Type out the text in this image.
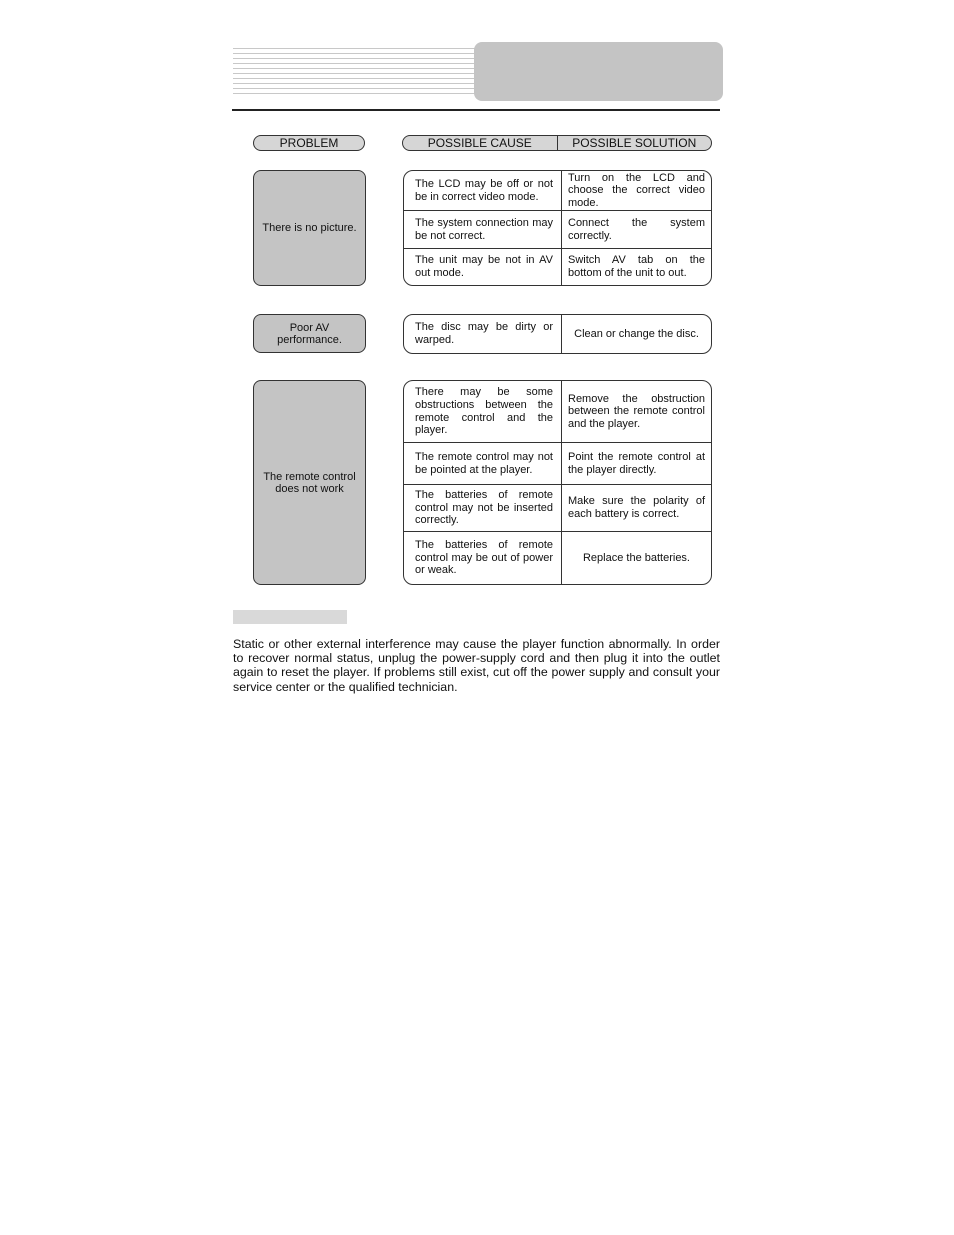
PROBLEM	POSSIBLE CAUSE	POSSIBLE SOLUTION
There is no picture.
The LCD may be off or not be in correct video mode.
Turn on the LCD and choose the correct video mode.
The system connection may be not correct.
Connect the system correctly.
The unit may be not in AV out mode.
Switch AV tab on the bottom of the unit to out.
Poor AV performance.
The disc may be dirty or warped.
Clean or change the disc.
The remote control does not work
There may be some obstructions between the remote control and the player.
Remove the obstruction between the remote control and the player.
The remote control may not be pointed at the player.
Point the remote control at the player directly.
The batteries of remote control may not be inserted correctly.
Make sure the polarity of each battery is correct.
The batteries of remote control may be out of power or weak.
Replace the batteries.

Static or other external interference may cause the player function abnormally. In order to recover normal status, unplug the power-supply cord and then plug it into the outlet again to reset the player. If problems still exist, cut off the power supply and consult your service center or the qualified technician.
